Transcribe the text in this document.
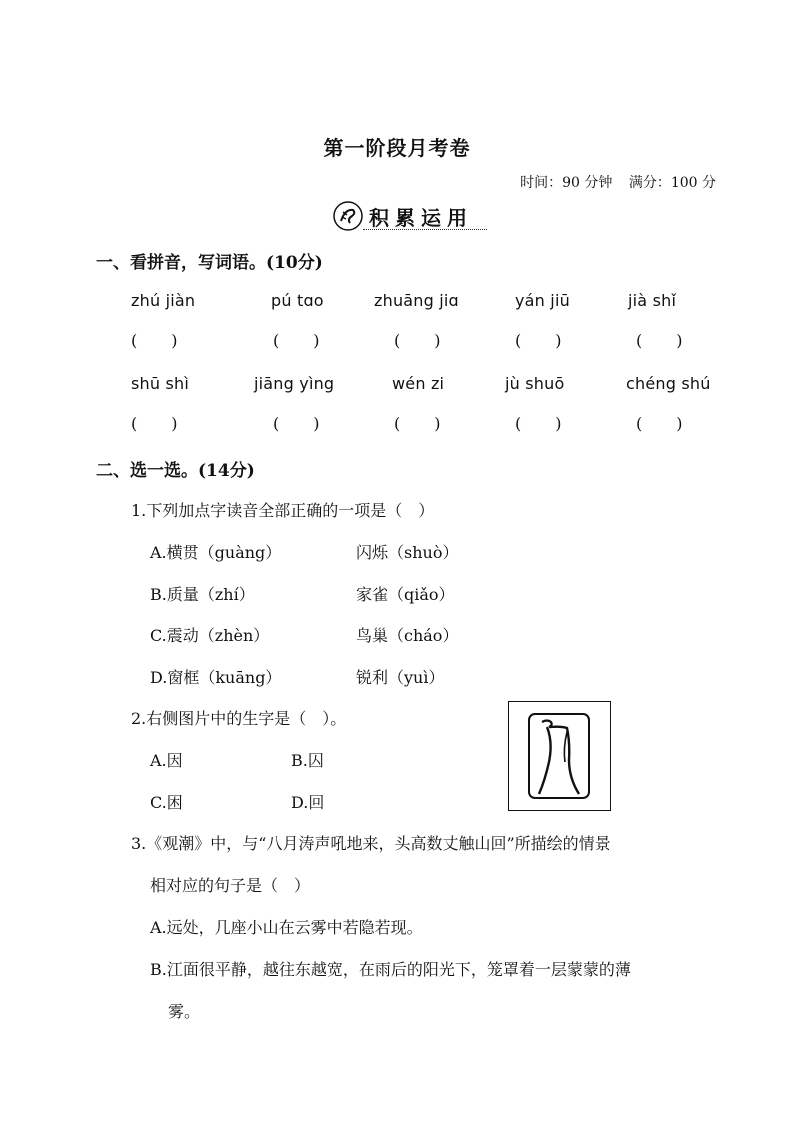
第一阶段月考卷
时间：90 分钟 满分：100 分
积累运用
一、看拼音，写词语。(10分)
zhú jiàn	pú tɑo	zhuāng jiɑ	yán jiū	jià shǐ
( )	( )	( )	( )	( )
shū shì	jiāng yìng	wén zi	jù shuō	chéng shú
( )	( )	( )	( )	( )
二、选一选。(14分)
1.下列加点字读音全部正确的一项是（　）
A.横贯（guàng）	闪烁（shuò）
B.质量（zhí）	家雀（qiǎo）
C.震动（zhèn）	鸟巢（cháo）
D.窗框（kuāng）	锐利（yuì）
2.右侧图片中的生字是（　）。
A.因	B.囚
C.困	D.回
3.《观潮》中，与“八月涛声吼地来，头高数丈触山回”所描绘的情景
相对应的句子是（　）
A.远处，几座小山在云雾中若隐若现。
B.江面很平静，越往东越宽，在雨后的阳光下，笼罩着一层蒙蒙的薄
雾。
